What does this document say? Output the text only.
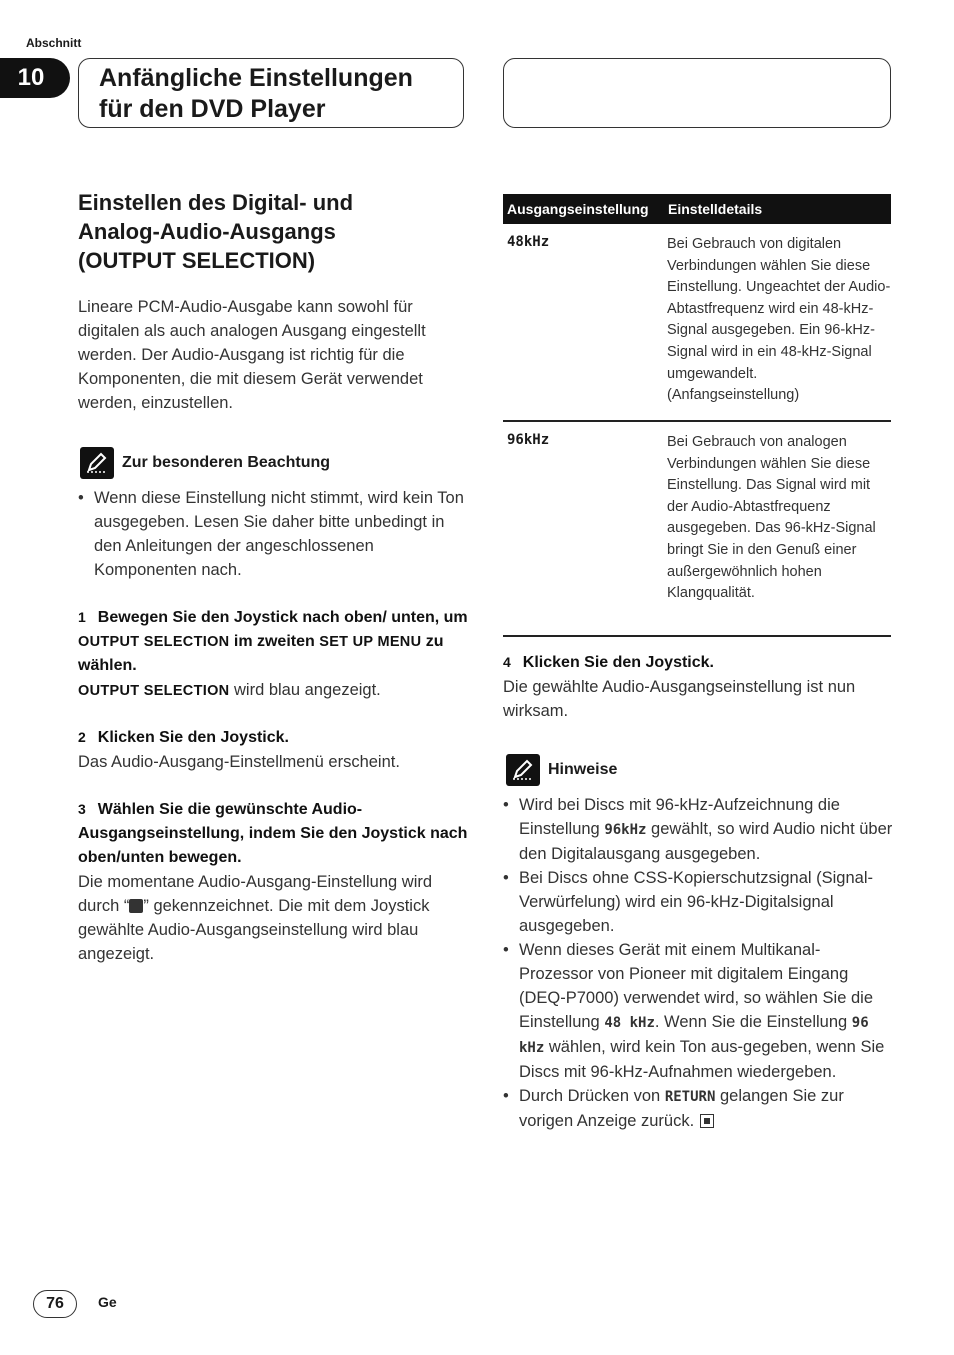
Abschnitt
10	Anfängliche Einstellungen
für den DVD Player
Einstellen des Digital- und
Analog-Audio-Ausgangs
(OUTPUT SELECTION)
Lineare PCM-Audio-Ausgabe kann sowohl für digitalen als auch analogen Ausgang eingestellt werden. Der Audio-Ausgang ist richtig für die Komponenten, die mit diesem Gerät verwendet werden, einzustellen.
Zur besonderen Beachtung
• Wenn diese Einstellung nicht stimmt, wird kein Ton ausgegeben. Lesen Sie daher bitte unbedingt in den Anleitungen der angeschlossenen Komponenten nach.
1 Bewegen Sie den Joystick nach oben/ unten, um OUTPUT SELECTION im zweiten SET UP MENU zu wählen.
OUTPUT SELECTION wird blau angezeigt.
2 Klicken Sie den Joystick.
Das Audio-Ausgang-Einstellmenü erscheint.
3 Wählen Sie die gewünschte Audio-Ausgangseinstellung, indem Sie den Joystick nach oben/unten bewegen.
Die momentane Audio-Ausgang-Einstellung wird durch “ ” gekennzeichnet. Die mit dem Joystick gewählte Audio-Ausgangseinstellung wird blau angezeigt.
Ausgangseinstellung	Einstelldetails
48kHz	Bei Gebrauch von digitalen Verbindungen wählen Sie diese Einstellung. Ungeachtet der Audio-Abtastfrequenz wird ein 48-kHz-Signal ausgegeben. Ein 96-kHz-Signal wird in ein 48-kHz-Signal umgewandelt. (Anfangseinstellung)
96kHz	Bei Gebrauch von analogen Verbindungen wählen Sie diese Einstellung. Das Signal wird mit der Audio-Abtastfrequenz ausgegeben. Das 96-kHz-Signal bringt Sie in den Genuß einer außergewöhnlich hohen Klangqualität.
4 Klicken Sie den Joystick.
Die gewählte Audio-Ausgangseinstellung ist nun wirksam.
Hinweise
• Wird bei Discs mit 96-kHz-Aufzeichnung die Einstellung 96kHz gewählt, so wird Audio nicht über den Digitalausgang ausgegeben.
• Bei Discs ohne CSS-Kopierschutzsignal (Signal-Verwürfelung) wird ein 96-kHz-Digitalsignal ausgegeben.
• Wenn dieses Gerät mit einem Multikanal-Prozessor von Pioneer mit digitalem Eingang (DEQ-P7000) verwendet wird, so wählen Sie die Einstellung 48 kHz. Wenn Sie die Einstellung 96 kHz wählen, wird kein Ton aus-gegeben, wenn Sie Discs mit 96-kHz-Aufnahmen wiedergeben.
• Durch Drücken von RETURN gelangen Sie zur vorigen Anzeige zurück.
76	Ge
